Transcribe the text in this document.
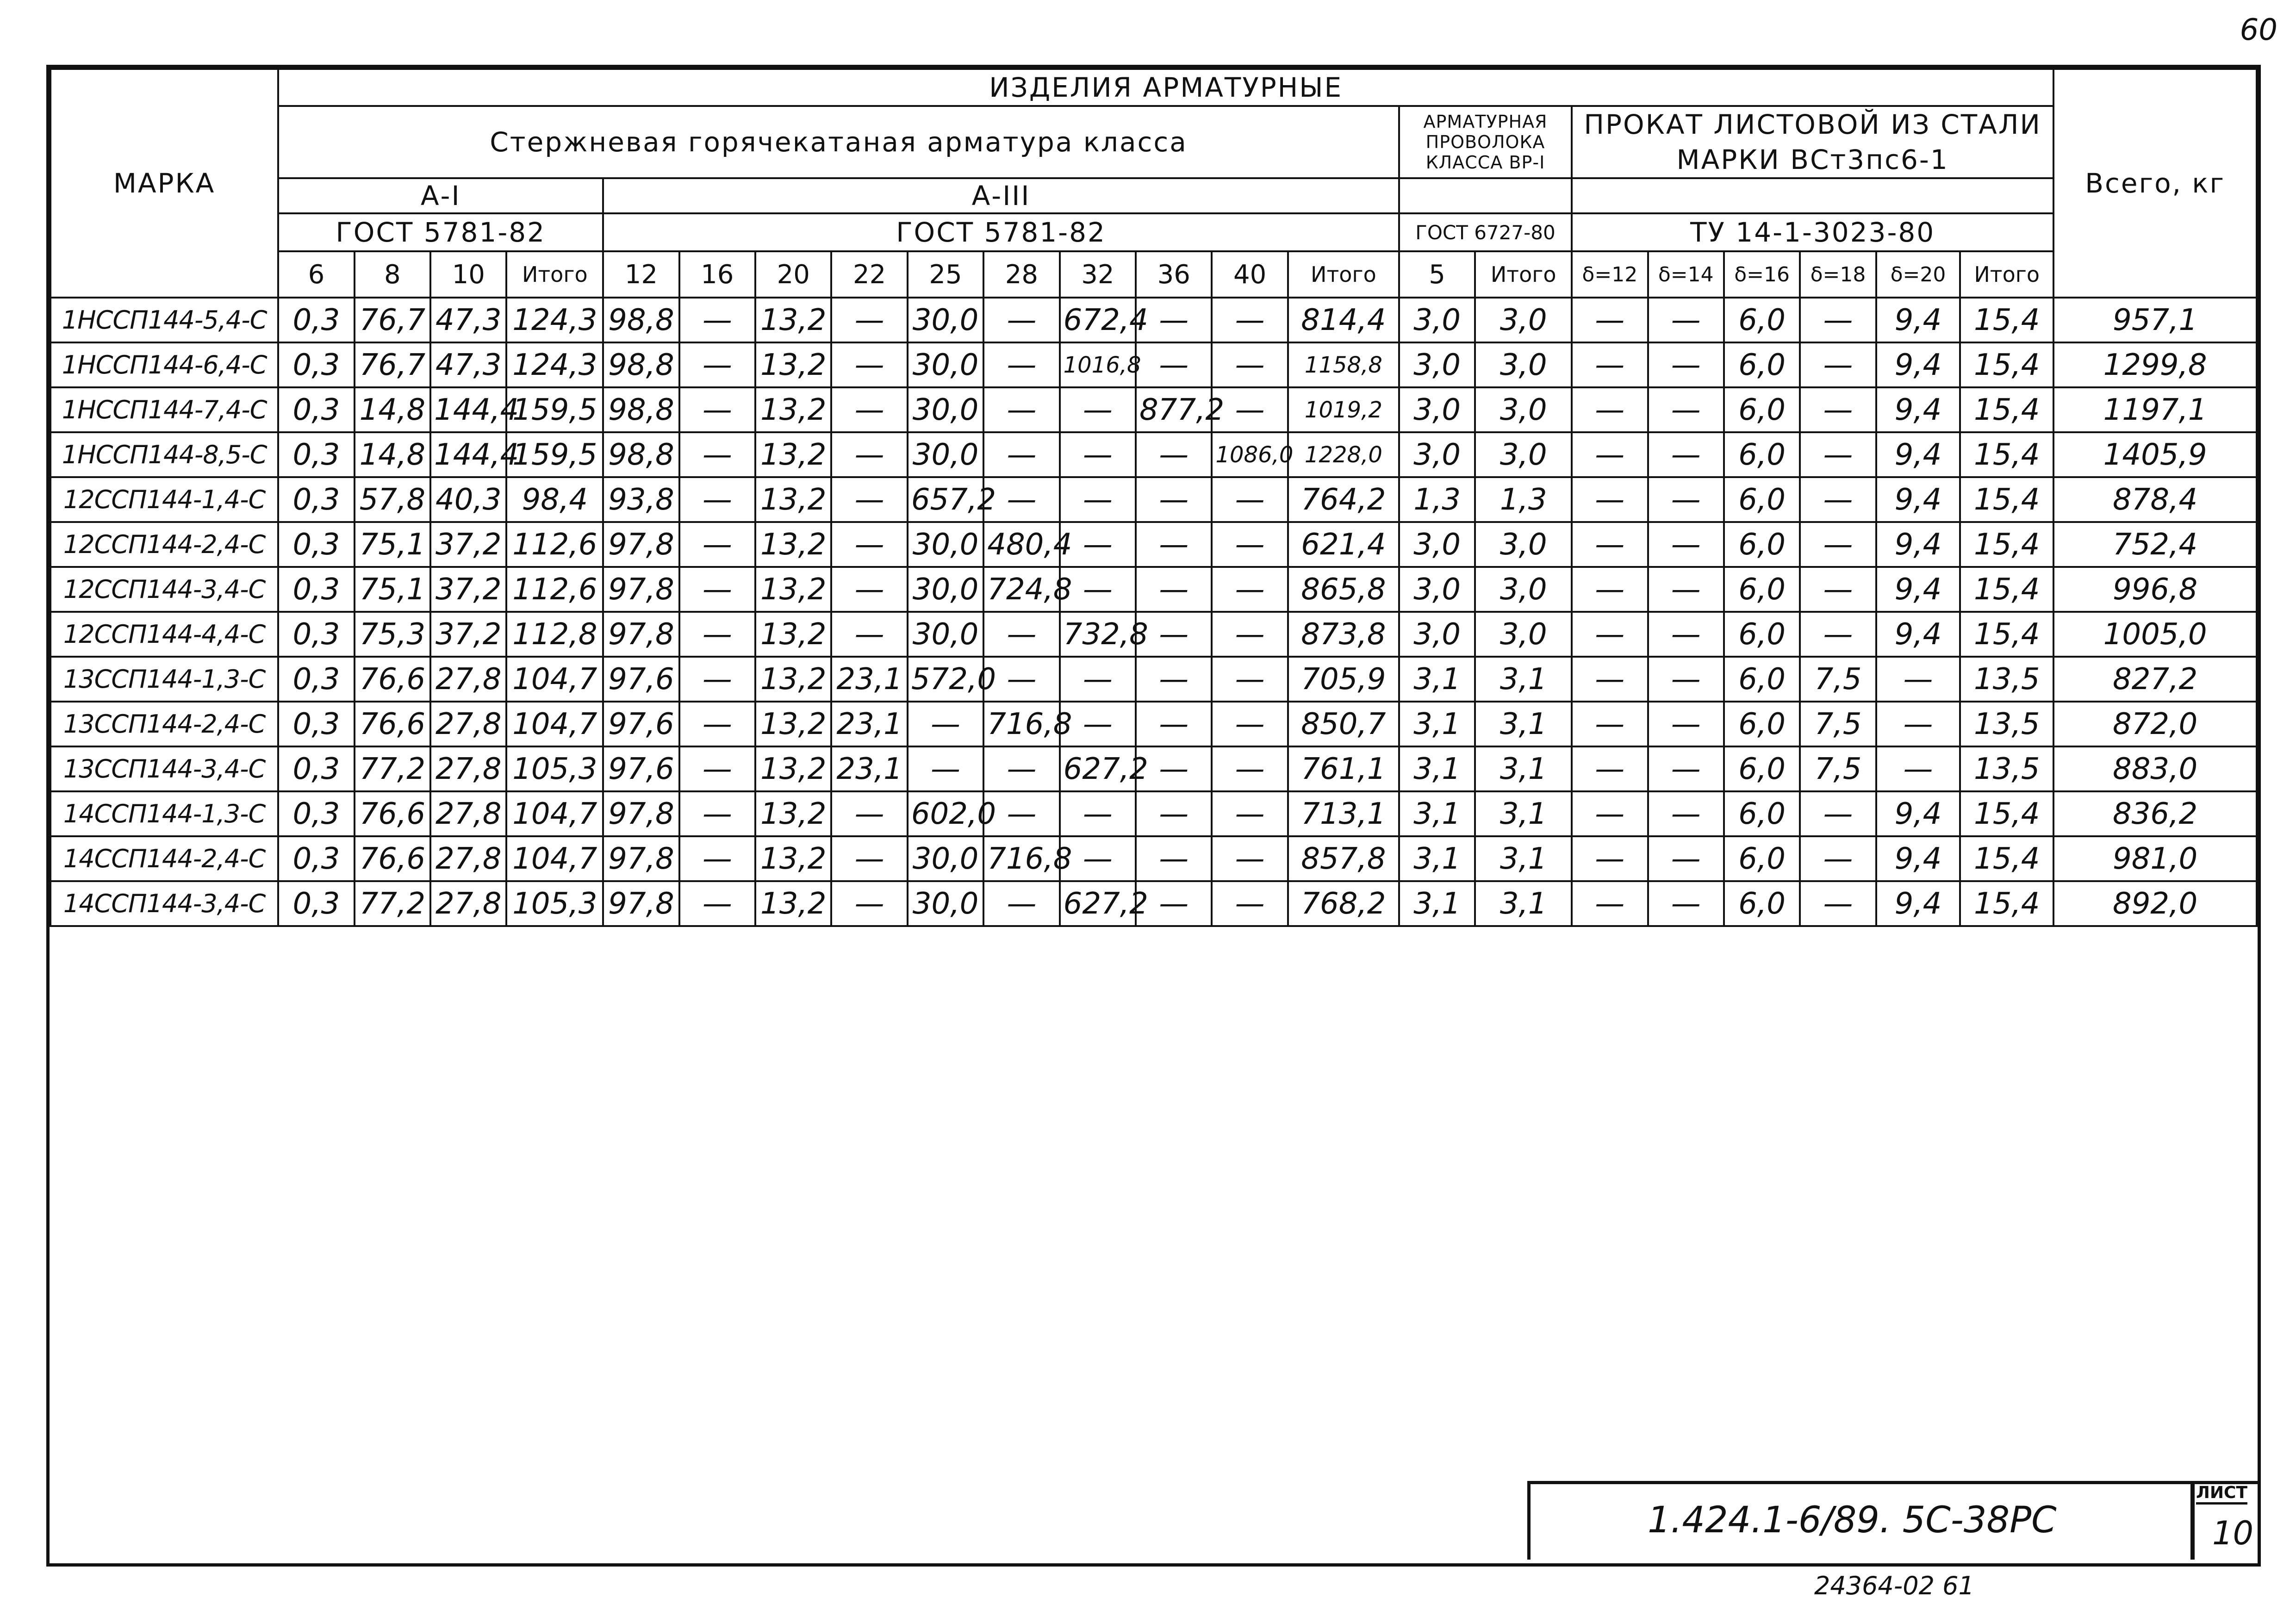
60
МАРКА	ИЗДЕЛИЯ АРМАТУРНЫЕ																						Всего, кг
	Стержневая горячекатаная арматура класса														АРМАТУРНАЯ ПРОВОЛОКА КЛАССА ВР-I		ПРОКАТ ЛИСТОВОЙ ИЗ СТАЛИ МАРКИ ВСт3пс6-1						
	А-I				А-III																		
	ГОСТ 5781-82				ГОСТ 5781-82										ГОСТ 6727-80		ТУ 14-1-3023-80						
	6	8	10	Итого	12	16	20	22	25	28	32	36	40	Итого	5	Итого	δ=12	δ=14	δ=16	δ=18	δ=20	Итого	
1НССП144-5,4-С	0,3	76,7	47,3	124,3	98,8	—	13,2	—	30,0	—	672,4	—	—	814,4	3,0	3,0	—	—	6,0	—	9,4	15,4	957,1
1НССП144-6,4-С	0,3	76,7	47,3	124,3	98,8	—	13,2	—	30,0	—	1016,8	—	—	1158,8	3,0	3,0	—	—	6,0	—	9,4	15,4	1299,8
1НССП144-7,4-С	0,3	14,8	144,4	159,5	98,8	—	13,2	—	30,0	—	—	877,2	—	1019,2	3,0	3,0	—	—	6,0	—	9,4	15,4	1197,1
1НССП144-8,5-С	0,3	14,8	144,4	159,5	98,8	—	13,2	—	30,0	—	—	—	1086,0	1228,0	3,0	3,0	—	—	6,0	—	9,4	15,4	1405,9
12ССП144-1,4-С	0,3	57,8	40,3	98,4	93,8	—	13,2	—	657,2	—	—	—	—	764,2	1,3	1,3	—	—	6,0	—	9,4	15,4	878,4
12ССП144-2,4-С	0,3	75,1	37,2	112,6	97,8	—	13,2	—	30,0	480,4	—	—	—	621,4	3,0	3,0	—	—	6,0	—	9,4	15,4	752,4
12ССП144-3,4-С	0,3	75,1	37,2	112,6	97,8	—	13,2	—	30,0	724,8	—	—	—	865,8	3,0	3,0	—	—	6,0	—	9,4	15,4	996,8
12ССП144-4,4-С	0,3	75,3	37,2	112,8	97,8	—	13,2	—	30,0	—	732,8	—	—	873,8	3,0	3,0	—	—	6,0	—	9,4	15,4	1005,0
13ССП144-1,3-С	0,3	76,6	27,8	104,7	97,6	—	13,2	23,1	572,0	—	—	—	—	705,9	3,1	3,1	—	—	6,0	7,5	—	13,5	827,2
13ССП144-2,4-С	0,3	76,6	27,8	104,7	97,6	—	13,2	23,1	—	716,8	—	—	—	850,7	3,1	3,1	—	—	6,0	7,5	—	13,5	872,0
13ССП144-3,4-С	0,3	77,2	27,8	105,3	97,6	—	13,2	23,1	—	—	627,2	—	—	761,1	3,1	3,1	—	—	6,0	7,5	—	13,5	883,0
14ССП144-1,3-С	0,3	76,6	27,8	104,7	97,8	—	13,2	—	602,0	—	—	—	—	713,1	3,1	3,1	—	—	6,0	—	9,4	15,4	836,2
14ССП144-2,4-С	0,3	76,6	27,8	104,7	97,8	—	13,2	—	30,0	716,8	—	—	—	857,8	3,1	3,1	—	—	6,0	—	9,4	15,4	981,0
14ССП144-3,4-С	0,3	77,2	27,8	105,3	97,8	—	13,2	—	30,0	—	627,2	—	—	768,2	3,1	3,1	—	—	6,0	—	9,4	15,4	892,0
1.424.1-6/89. 5С-38РС
ЛИСТ
10
24364-02 61
